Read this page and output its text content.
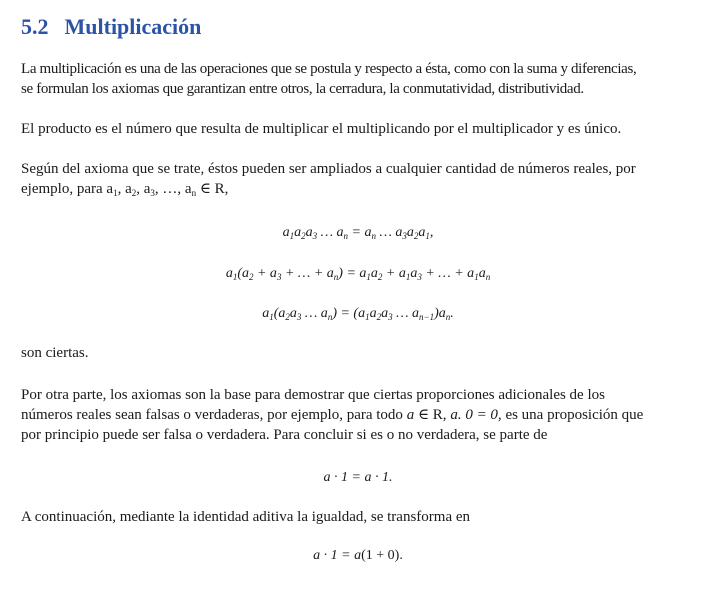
5.2 Multiplicación

La multiplicación es una de las operaciones que se postula y respecto a ésta, como con la suma y diferencias,
se formulan los axiomas que garantizan entre otros, la cerradura, la conmutatividad, distributividad.

El producto es el número que resulta de multiplicar el multiplicando por el multiplicador y es único.

Según del axioma que se trate, éstos pueden ser ampliados a cualquier cantidad de números reales, por
ejemplo, para $a_1$, $a_2$, $a_3$, …, $a_n$ ∈ R,

$a_1a_2a_3$ … $a_n = a_n$ … $a_3a_2a_1$,
$a_1(a_2 + a_3$ + … + $a_n) = a_1a_2 + a_1a_3$ + … + $a_1a_n$
$a_1(a_2a_3$ … $a_n) = (a_1a_2a_3$ … $a_{n-1})a_n$.

son ciertas.

Por otra parte, los axiomas son la base para demostrar que ciertas proporciones adicionales de los
números reales sean falsas o verdaderas, por ejemplo, para todo a ∈ R, a. 0 = 0, es una proposición que
por principio puede ser falsa o verdadera. Para concluir si es o no verdadera, se parte de

a · 1 = a · 1.

A continuación, mediante la identidad aditiva la igualdad, se transforma en

a · 1 = a(1 + 0).
